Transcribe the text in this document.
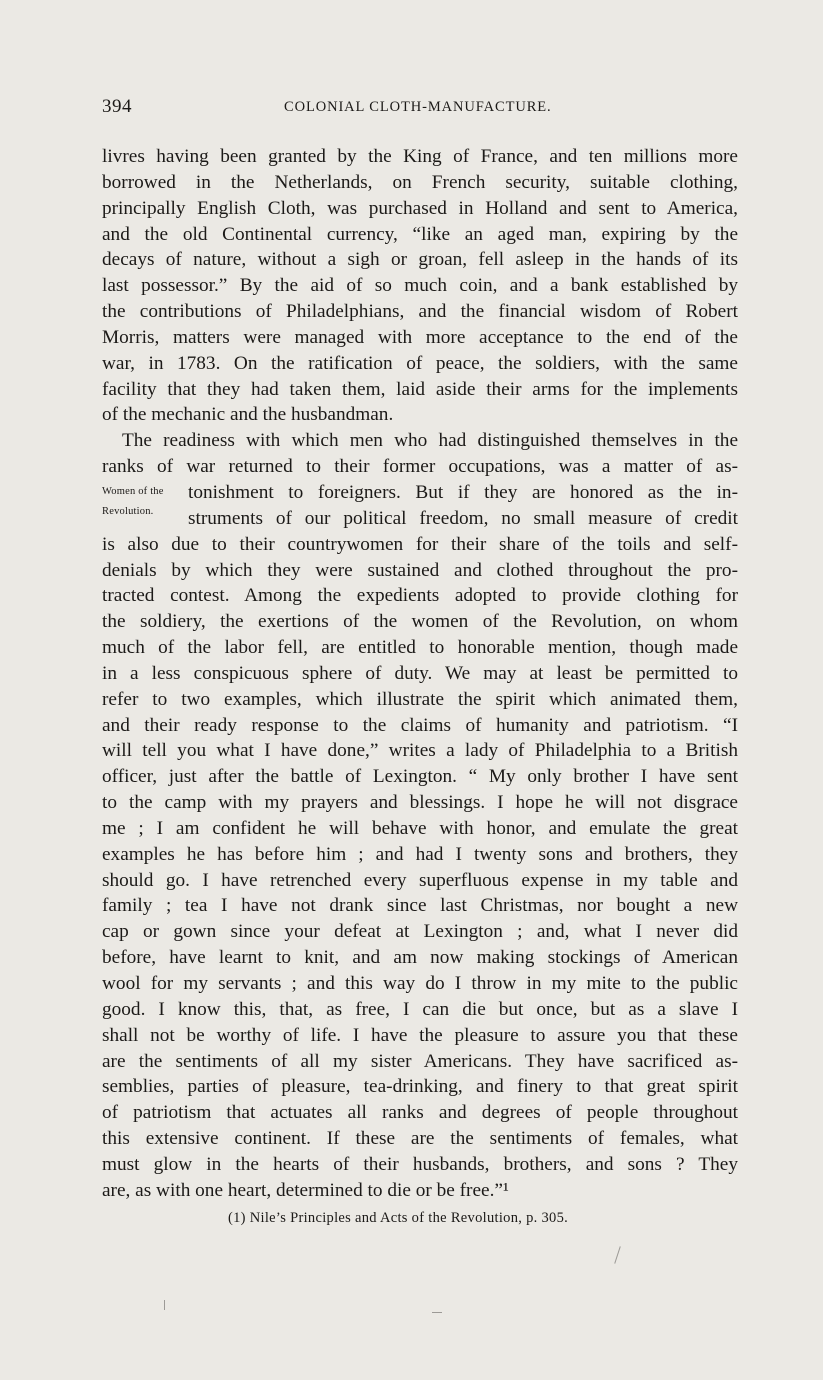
394	COLONIAL CLOTH-MANUFACTURE.
livres having been granted by the King of France, and ten millions more
borrowed in the Netherlands, on French security, suitable clothing,
principally English Cloth, was purchased in Holland and sent to America,
and the old Continental currency, “like an aged man, expiring by the
decays of nature, without a sigh or groan, fell asleep in the hands of its
last possessor.” By the aid of so much coin, and a bank established by
the contributions of Philadelphians, and the financial wisdom of Robert
Morris, matters were managed with more acceptance to the end of the
war, in 1783. On the ratification of peace, the soldiers, with the same
facility that they had taken them, laid aside their arms for the implements
of the mechanic and the husbandman.
The readiness with which men who had distinguished themselves in the
ranks of war returned to their former occupations, was a matter of as-
tonishment to foreigners. But if they are honored as the in-
struments of our political freedom, no small measure of credit
is also due to their countrywomen for their share of the toils and self-
denials by which they were sustained and clothed throughout the pro-
tracted contest. Among the expedients adopted to provide clothing for
the soldiery, the exertions of the women of the Revolution, on whom
much of the labor fell, are entitled to honorable mention, though made
in a less conspicuous sphere of duty. We may at least be permitted to
refer to two examples, which illustrate the spirit which animated them,
and their ready response to the claims of humanity and patriotism. “I
will tell you what I have done,” writes a lady of Philadelphia to a British
officer, just after the battle of Lexington. “ My only brother I have sent
to the camp with my prayers and blessings. I hope he will not disgrace
me ; I am confident he will behave with honor, and emulate the great
examples he has before him ; and had I twenty sons and brothers, they
should go. I have retrenched every superfluous expense in my table and
family ; tea I have not drank since last Christmas, nor bought a new
cap or gown since your defeat at Lexington ; and, what I never did
before, have learnt to knit, and am now making stockings of American
wool for my servants ; and this way do I throw in my mite to the public
good. I know this, that, as free, I can die but once, but as a slave I
shall not be worthy of life. I have the pleasure to assure you that these
are the sentiments of all my sister Americans. They have sacrificed as-
semblies, parties of pleasure, tea-drinking, and finery to that great spirit
of patriotism that actuates all ranks and degrees of people throughout
this extensive continent. If these are the sentiments of females, what
must glow in the hearts of their husbands, brothers, and sons ? They
are, as with one heart, determined to die or be free.”¹
Women of the
Revolution.
(1) Nile’s Principles and Acts of the Revolution, p. 305.
